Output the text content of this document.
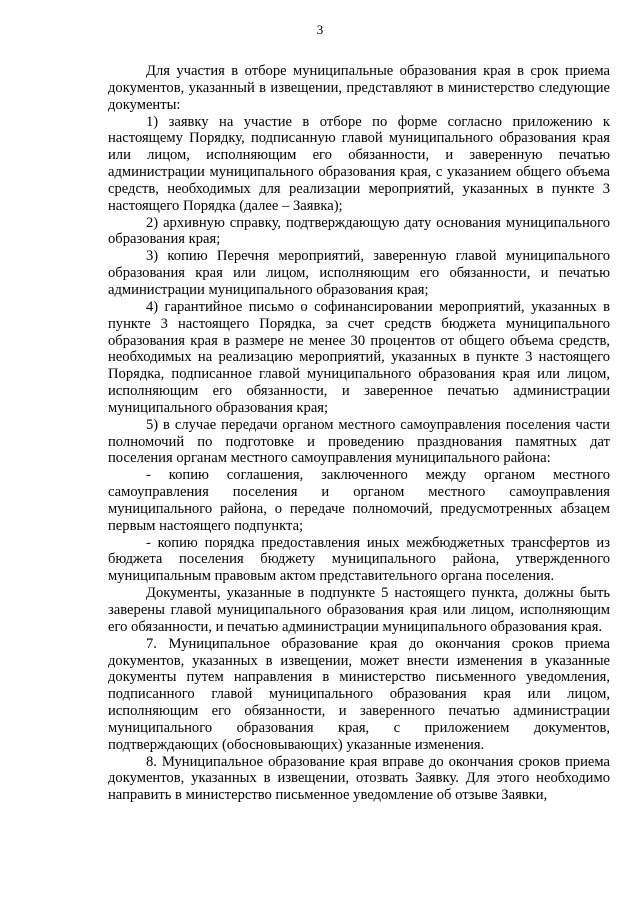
3

Для участия в отборе муниципальные образования края в срок приема документов, указанный в извещении, представляют в министерство следующие документы:

1) заявку на участие в отборе по форме согласно приложению к настоящему Порядку, подписанную главой муниципального образования края или лицом, исполняющим его обязанности, и заверенную печатью администрации муниципального образования края, с указанием общего объема средств, необходимых для реализации мероприятий, указанных в пункте 3 настоящего Порядка (далее – Заявка);

2) архивную справку, подтверждающую дату основания муниципального образования края;

3) копию Перечня мероприятий, заверенную главой муниципального образования края или лицом, исполняющим его обязанности, и печатью администрации муниципального образования края;

4) гарантийное письмо о софинансировании мероприятий, указанных в пункте 3 настоящего Порядка, за счет средств бюджета муниципального образования края в размере не менее 30 процентов от общего объема средств, необходимых на реализацию мероприятий, указанных в пункте 3 настоящего Порядка, подписанное главой муниципального образования края или лицом, исполняющим его обязанности, и заверенное печатью администрации муниципального образования края;

5) в случае передачи органом местного самоуправления поселения части полномочий по подготовке и проведению празднования памятных дат поселения органам местного самоуправления муниципального района:

- копию соглашения, заключенного между органом местного самоуправления поселения и органом местного самоуправления муниципального района, о передаче полномочий, предусмотренных абзацем первым настоящего подпункта;

- копию порядка предоставления иных межбюджетных трансфертов из бюджета поселения бюджету муниципального района, утвержденного муниципальным правовым актом представительного органа поселения.

Документы, указанные в подпункте 5 настоящего пункта, должны быть заверены главой муниципального образования края или лицом, исполняющим его обязанности, и печатью администрации муниципального образования края.

7. Муниципальное образование края до окончания сроков приема документов, указанных в извещении, может внести изменения в указанные документы путем направления в министерство письменного уведомления, подписанного главой муниципального образования края или лицом, исполняющим его обязанности, и заверенного печатью администрации муниципального образования края, с приложением документов, подтверждающих (обосновывающих) указанные изменения.

8. Муниципальное образование края вправе до окончания сроков приема документов, указанных в извещении, отозвать Заявку. Для этого необходимо направить в министерство письменное уведомление об отзыве Заявки,
